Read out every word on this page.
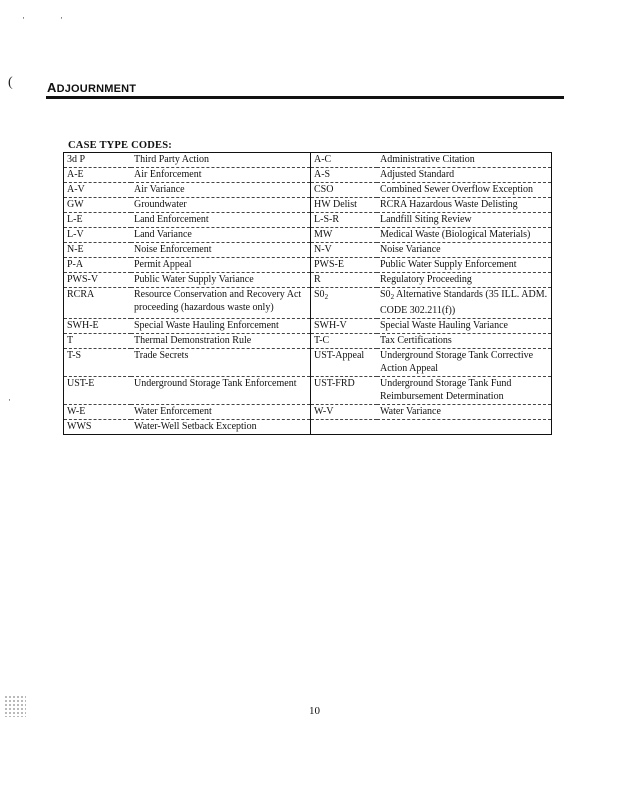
·	·
(
·
ADJOURNMENT
CASE TYPE CODES:
3d P	Third Party Action	A-C	Administrative Citation
A-E	Air Enforcement	A-S	Adjusted Standard
A-V	Air Variance	CSO	Combined Sewer Overflow Exception
GW	Groundwater	HW Delist	RCRA Hazardous Waste Delisting
L-E	Land Enforcement	L-S-R	Landfill Siting Review
L-V	Land Variance	MW	Medical Waste (Biological Materials)
N-E	Noise Enforcement	N-V	Noise Variance
P-A	Permit Appeal	PWS-E	Public Water Supply Enforcement
PWS-V	Public Water Supply Variance	R	Regulatory Proceeding
RCRA	Resource Conservation and Recovery Act proceeding (hazardous waste only)	$S0_2$	$S0_2$ Alternative Standards (35 ILL. ADM. CODE 302.211(f))
SWH-E	Special Waste Hauling Enforcement	SWH-V	Special Waste Hauling Variance
T	Thermal Demonstration Rule	T-C	Tax Certifications
T-S	Trade Secrets	UST-Appeal	Underground Storage Tank Corrective Action Appeal
UST-E	Underground Storage Tank Enforcement	UST-FRD	Underground Storage Tank Fund Reimbursement Determination
W-E	Water Enforcement	W-V	Water Variance
WWS	Water-Well Setback Exception		
10
